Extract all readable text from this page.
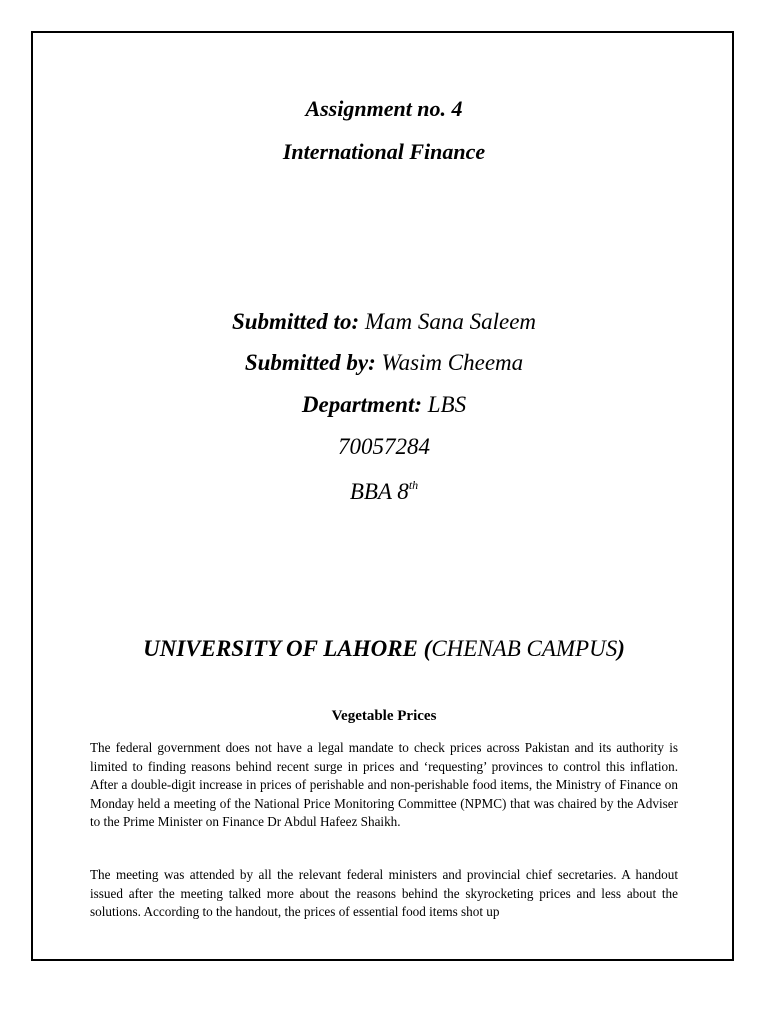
Assignment no. 4
International Finance
Submitted to: Mam Sana Saleem
Submitted by: Wasim Cheema
Department: LBS
70057284
BBA 8th
UNIVERSITY OF LAHORE (CHENAB CAMPUS)
Vegetable Prices

The federal government does not have a legal mandate to check prices across Pakistan and its authority is limited to finding reasons behind recent surge in prices and ‘requesting’ provinces to control this inflation. After a double-digit increase in prices of perishable and non-perishable food items, the Ministry of Finance on Monday held a meeting of the National Price Monitoring Committee (NPMC) that was chaired by the Adviser to the Prime Minister on Finance Dr Abdul Hafeez Shaikh.

The meeting was attended by all the relevant federal ministers and provincial chief secretaries. A handout issued after the meeting talked more about the reasons behind the skyrocketing prices and less about the solutions. According to the handout, the prices of essential food items shot up
